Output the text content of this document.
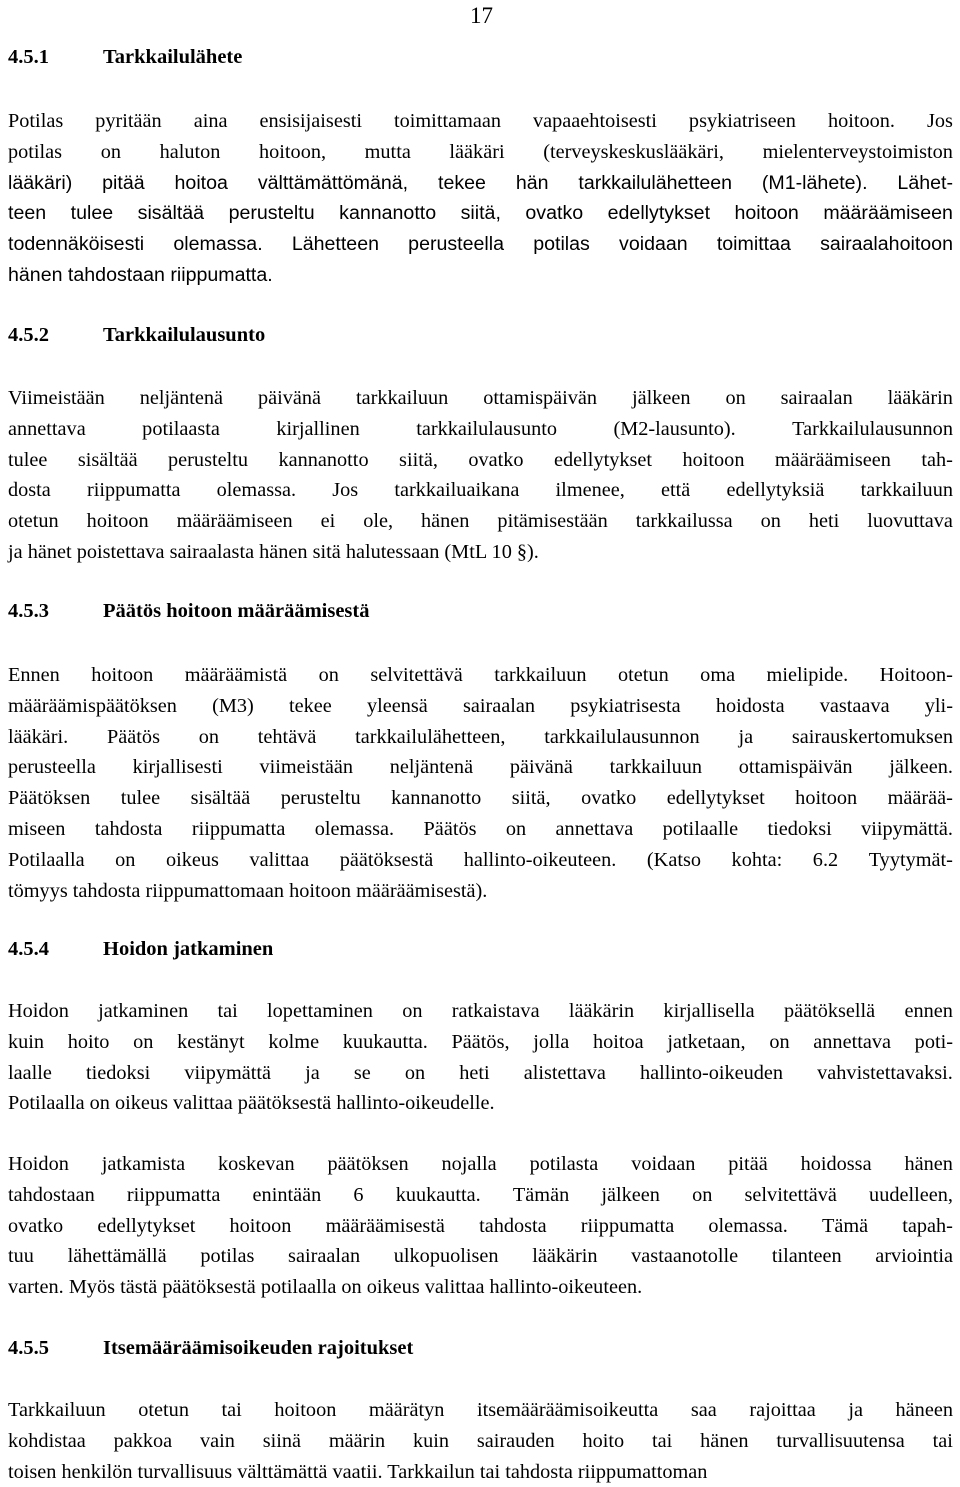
17
4.5.1	Tarkkailulähete
Potilas pyritään aina ensisijaisesti toimittamaan vapaaehtoisesti psykiatriseen hoitoon. Jos
potilas on haluton hoitoon, mutta lääkäri (terveyskeskuslääkäri, mielenterveystoimiston
lääkäri) pitää hoitoa välttämättömänä, tekee hän tarkkailulähetteen (M1-lähete). Lähet-
teen tulee sisältää perusteltu kannanotto siitä, ovatko edellytykset hoitoon määräämiseen
todennäköisesti olemassa. Lähetteen perusteella potilas voidaan toimittaa sairaalahoitoon
hänen tahdostaan riippumatta.
4.5.2	Tarkkailulausunto
Viimeistään neljäntenä päivänä tarkkailuun ottamispäivän jälkeen on sairaalan lääkärin
annettava	potilaasta	kirjallinen	tarkkailulausunto	(M2-lausunto).	Tarkkailulausunnon
tulee sisältää perusteltu kannanotto siitä, ovatko edellytykset hoitoon määräämiseen tah-
dosta riippumatta olemassa. Jos tarkkailuaikana ilmenee, että edellytyksiä tarkkailuun
otetun hoitoon määräämiseen ei ole, hänen pitämisestään tarkkailussa on heti luovuttava
ja hänet poistettava sairaalasta hänen sitä halutessaan (MtL 10 §).
4.5.3	Päätös hoitoon määräämisestä
Ennen hoitoon määräämistä on selvitettävä tarkkailuun otetun oma mielipide. Hoitoon-
määräämispäätöksen (M3) tekee yleensä sairaalan psykiatrisesta hoidosta vastaava yli-
lääkäri. Päätös on tehtävä tarkkailulähetteen, tarkkailulausunnon ja sairauskertomuksen
perusteella kirjallisesti viimeistään neljäntenä päivänä tarkkailuun ottamispäivän jälkeen.
Päätöksen tulee sisältää perusteltu kannanotto siitä, ovatko edellytykset hoitoon määrää-
miseen tahdosta riippumatta olemassa. Päätös on annettava potilaalle tiedoksi viipymättä.
Potilaalla on oikeus valittaa päätöksestä hallinto-oikeuteen. (Katso kohta: 6.2 Tyytymät-
tömyys tahdosta riippumattomaan hoitoon määräämisestä).
4.5.4	Hoidon jatkaminen
Hoidon jatkaminen tai lopettaminen on ratkaistava lääkärin kirjallisella päätöksellä ennen
kuin hoito on kestänyt kolme kuukautta. Päätös, jolla hoitoa jatketaan, on annettava poti-
laalle tiedoksi viipymättä ja se on heti alistettava hallinto-oikeuden vahvistettavaksi.
Potilaalla on oikeus valittaa päätöksestä hallinto-oikeudelle.
Hoidon jatkamista koskevan päätöksen nojalla potilasta voidaan pitää hoidossa hänen
tahdostaan riippumatta enintään 6 kuukautta. Tämän jälkeen on selvitettävä uudelleen,
ovatko edellytykset hoitoon määräämisestä tahdosta riippumatta olemassa. Tämä tapah-
tuu lähettämällä potilas sairaalan ulkopuolisen lääkärin vastaanotolle tilanteen arviointia
varten. Myös tästä päätöksestä potilaalla on oikeus valittaa hallinto-oikeuteen.
4.5.5	Itsemääräämisoikeuden rajoitukset
Tarkkailuun otetun tai hoitoon määrätyn itsemääräämisoikeutta saa rajoittaa ja häneen
kohdistaa pakkoa vain siinä määrin kuin sairauden hoito tai hänen turvallisuutensa tai
toisen henkilön turvallisuus välttämättä vaatii. Tarkkailun tai tahdosta riippumattoman
